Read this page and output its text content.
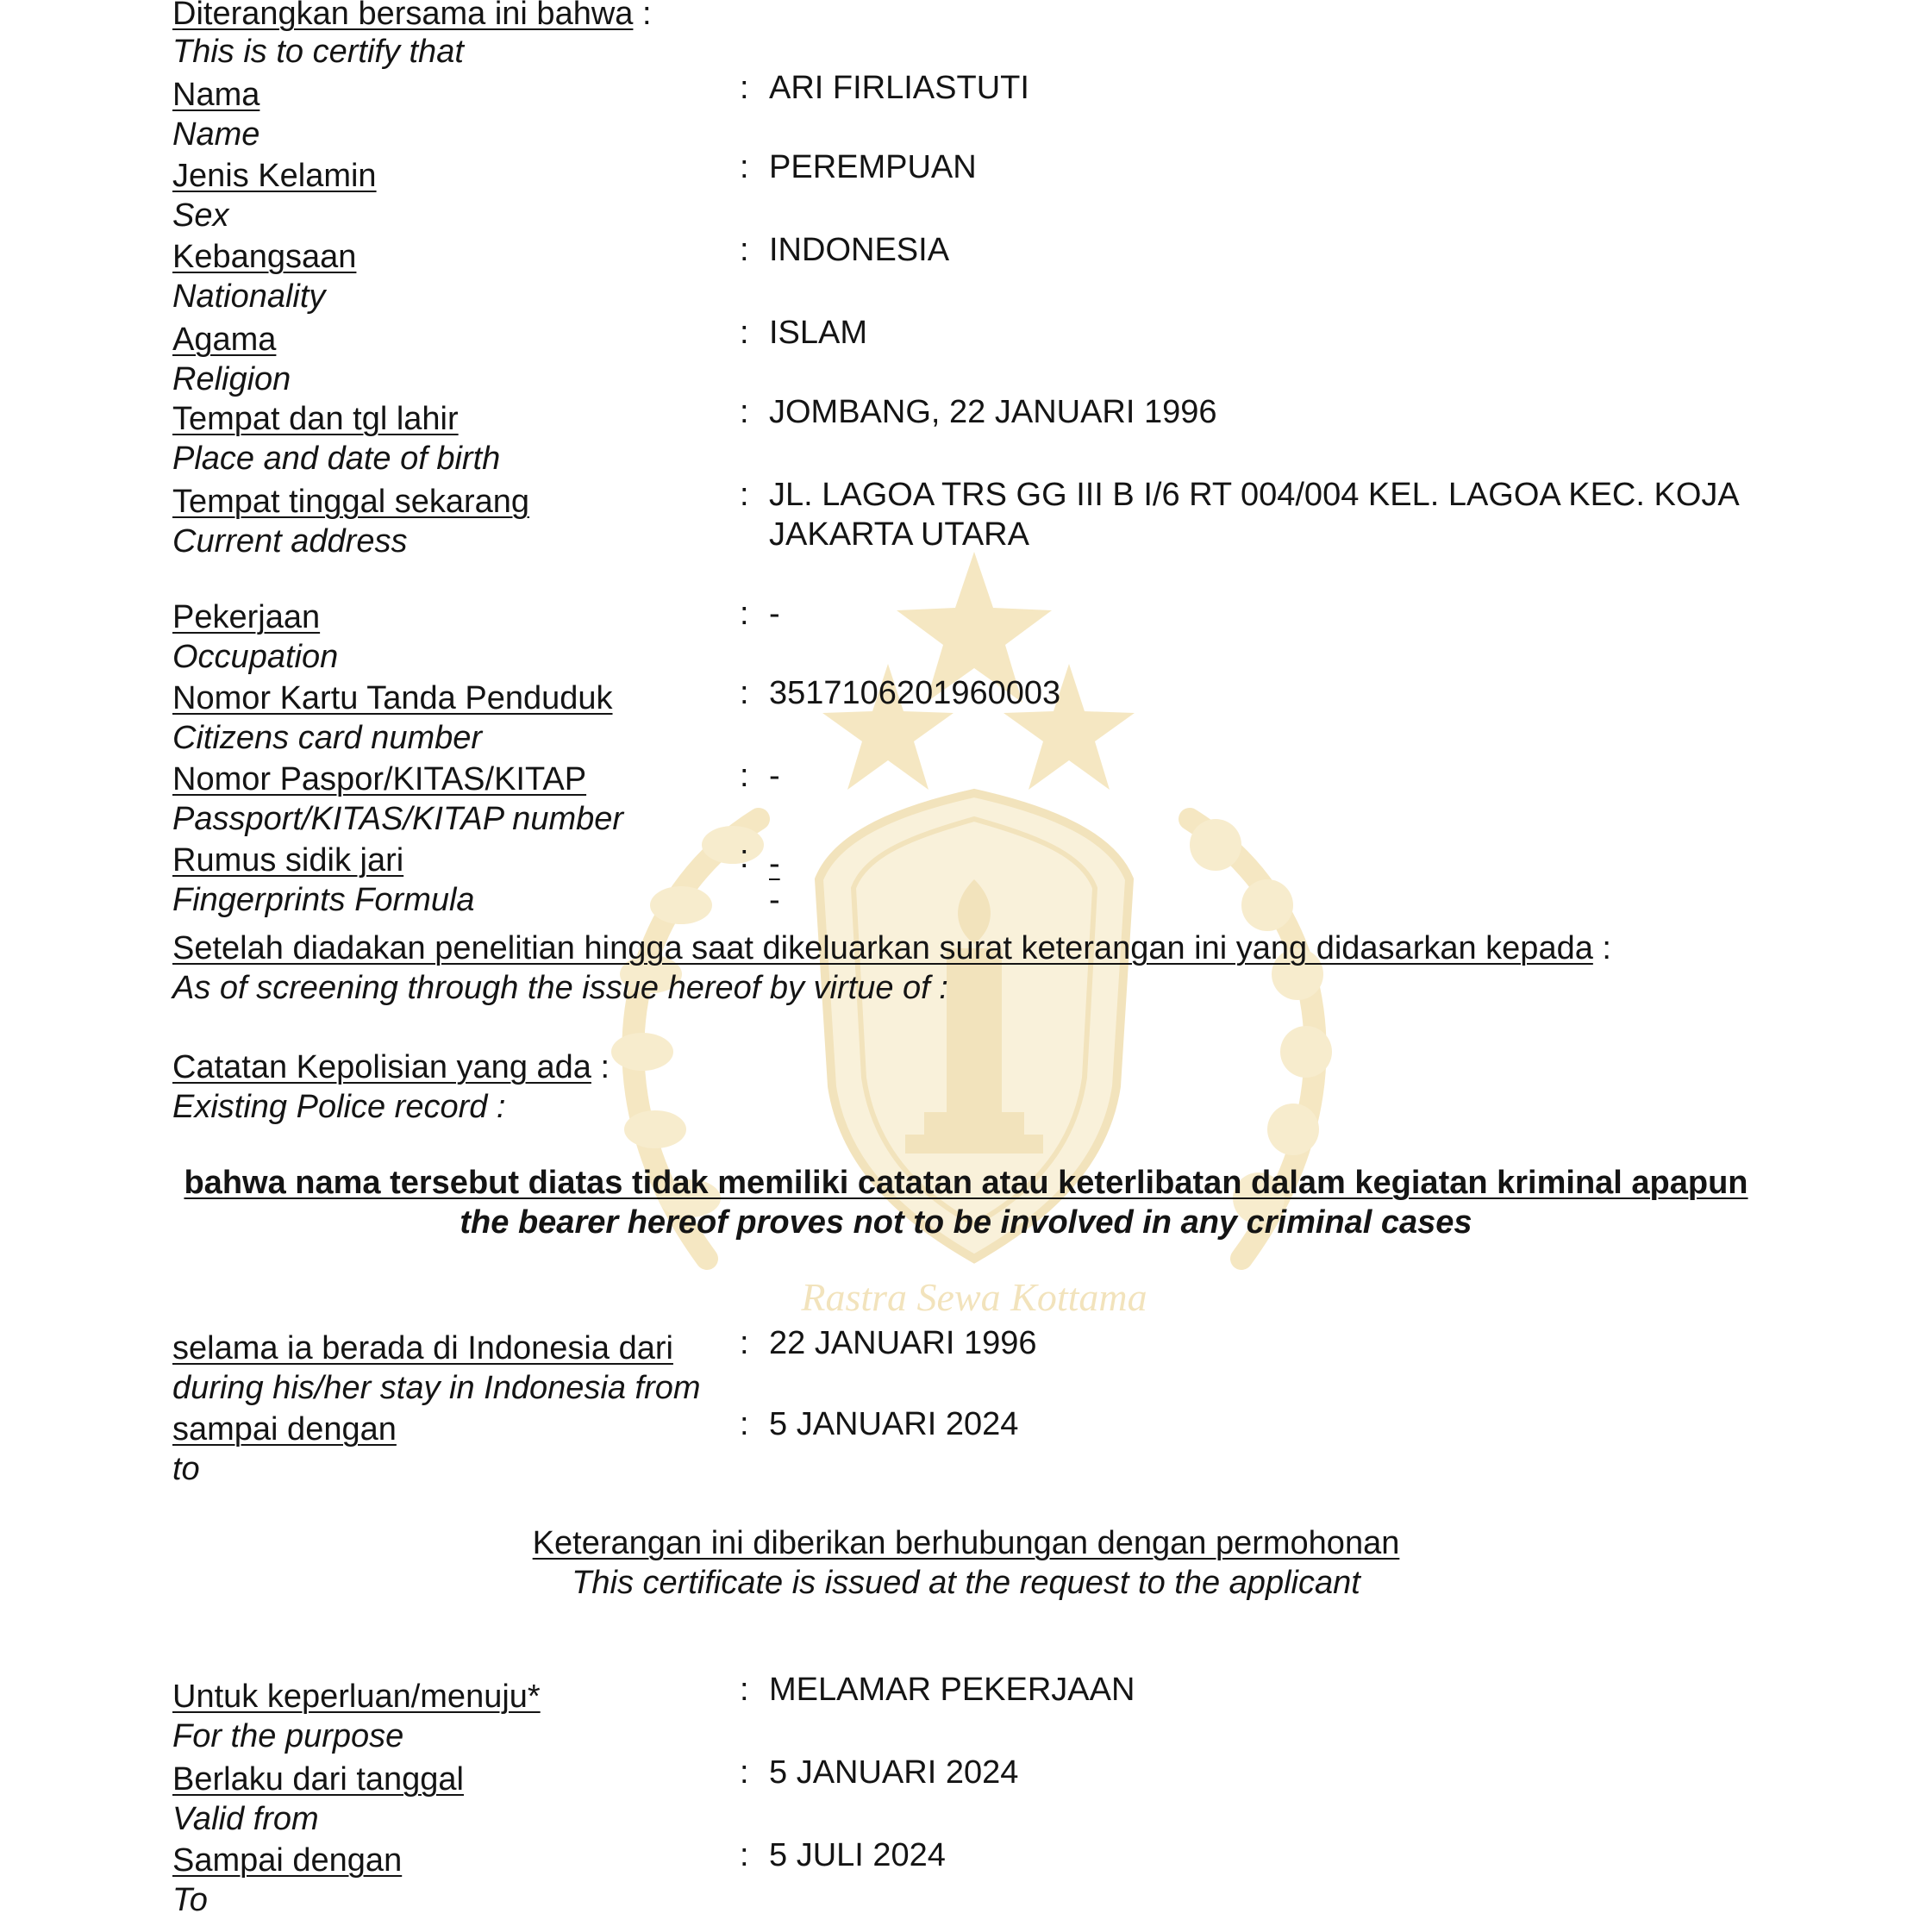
Rastra Sewa Kottama
Diterangkan bersama ini bahwa :
This is to certify that
Nama
Name
: ARI FIRLIASTUTI
Jenis Kelamin
Sex
: PEREMPUAN
Kebangsaan
Nationality
: INDONESIA
Agama
Religion
: ISLAM
Tempat dan tgl lahir
Place and date of birth
: JOMBANG, 22 JANUARI 1996
Tempat tinggal sekarang
Current address
: JL. LAGOA TRS GG III B I/6 RT 004/004 KEL. LAGOA KEC. KOJA
JAKARTA UTARA
Pekerjaan
Occupation
: -
Nomor Kartu Tanda Penduduk
Citizens card number
: 3517106201960003
Nomor Paspor/KITAS/KITAP
Passport/KITAS/KITAP number
: -
Rumus sidik jari
Fingerprints Formula
: -
-
Setelah diadakan penelitian hingga saat dikeluarkan surat keterangan ini yang didasarkan kepada :
As of screening through the issue hereof by virtue of :
Catatan Kepolisian yang ada :
Existing Police record :
bahwa nama tersebut diatas tidak memiliki catatan atau keterlibatan dalam kegiatan kriminal apapun
the bearer hereof proves not to be involved in any criminal cases
selama ia berada di Indonesia dari
during his/her stay in Indonesia from
: 22 JANUARI 1996
sampai dengan
to
: 5 JANUARI 2024
Keterangan ini diberikan berhubungan dengan permohonan
This certificate is issued at the request to the applicant
Untuk keperluan/menuju*
For the purpose
: MELAMAR PEKERJAAN
Berlaku dari tanggal
Valid from
: 5 JANUARI 2024
Sampai dengan
To
: 5 JULI 2024
